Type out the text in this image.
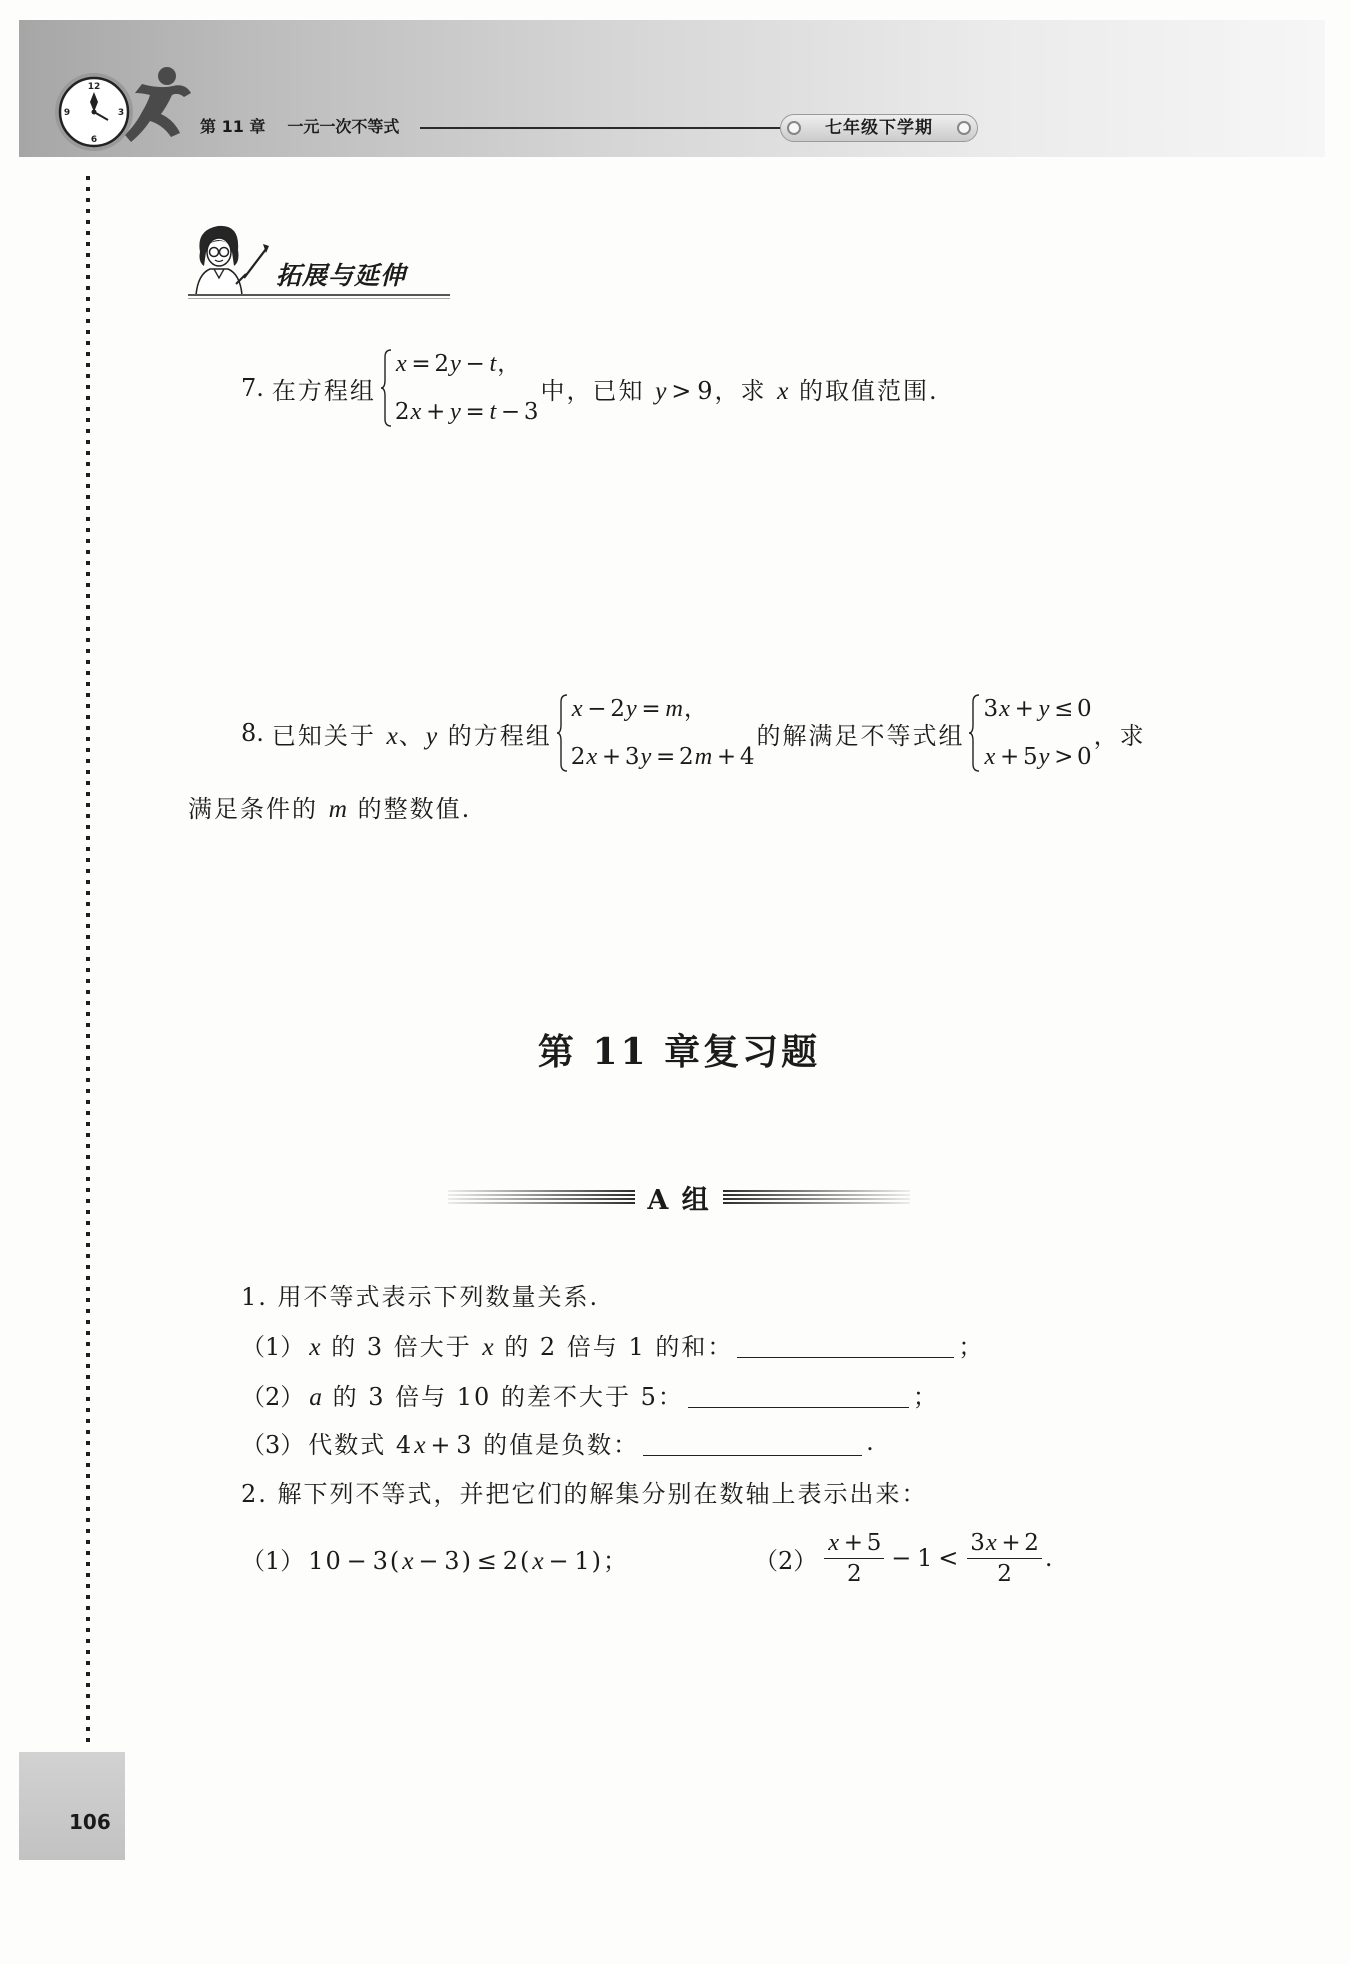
12
3
6
9
第 11 章 一元一次不等式	七年级下学期
拓展与延伸
7. 在方程组
x = 2y − t，
2x + y = t − 3
中，已知 y > 9，求 x 的取值范围.
8. 已知关于 x、y 的方程组
x − 2y = m，
2x + 3y = 2m + 4
的解满足不等式组
3x + y ≤ 0
x + 5y > 0
，求
满足条件的 m 的整数值.
第 11 章复习题
A 组
1. 用不等式表示下列数量关系.
（1） x 的 3 倍大于 x 的 2 倍与 1 的和：	；
（2） a 的 3 倍与 10 的差不大于 5：	；
（3） 代数式 4x + 3 的值是负数：	.
2. 解下列不等式，并把它们的解集分别在数轴上表示出来：
（1） 10 − 3(x − 3) ≤ 2(x − 1)；	$(2) \frac{x + 5}{2} - 1 < \frac{3x + 2}{2}$ .
106
